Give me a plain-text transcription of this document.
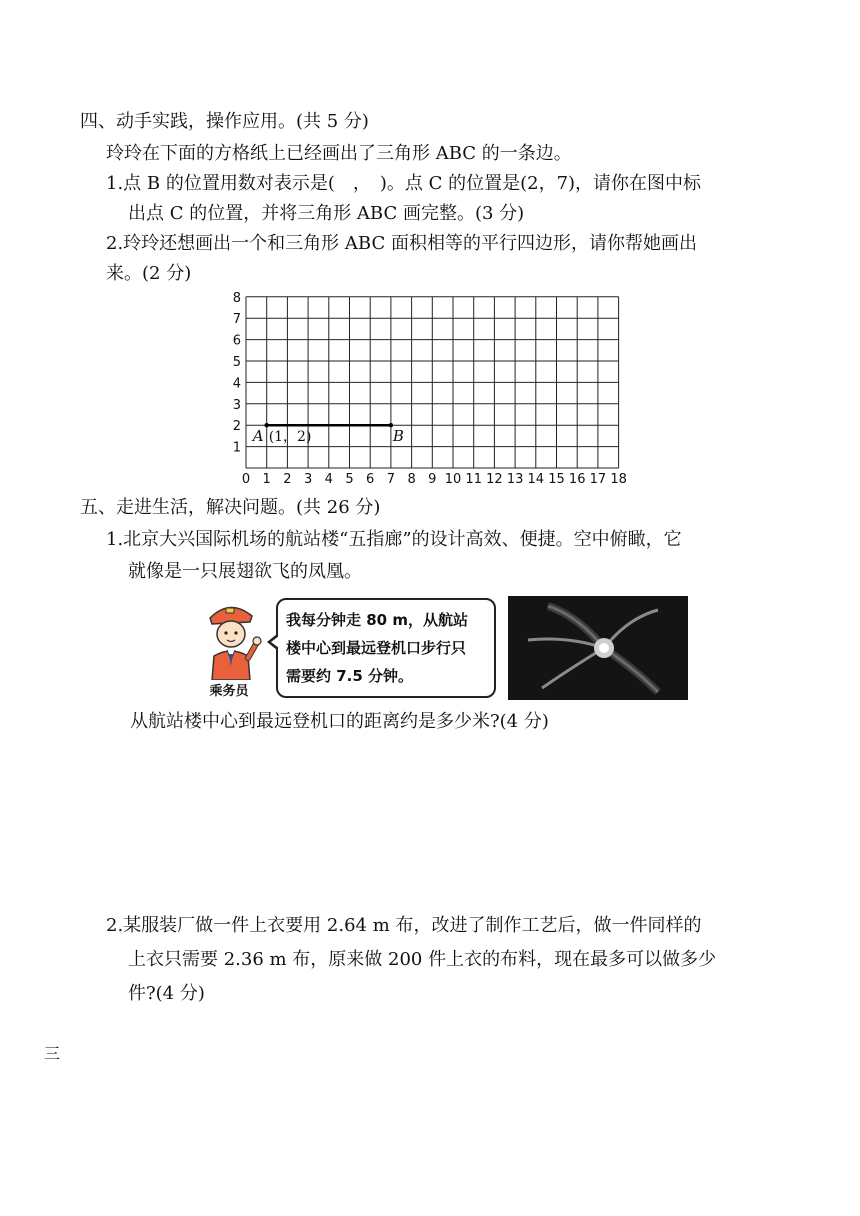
四、动手实践，操作应用。(共 5 分)
玲玲在下面的方格纸上已经画出了三角形 ABC 的一条边。
1.点 B 的位置用数对表示是(　，　)。点 C 的位置是(2，7)，请你在图中标
出点 C 的位置，并将三角形 ABC 画完整。(3 分)
2.玲玲还想画出一个和三角形 ABC 面积相等的平行四边形，请你帮她画出
来。(2 分)
0 1 2 3 4 5 6 7 8 9 10 11 12 13 14 15 16 17 18
1
2
3
4
5
6
7
8
A (1，2)	B
五、走进生活，解决问题。(共 26 分)
1.北京大兴国际机场的航站楼“五指廊”的设计高效、便捷。空中俯瞰，它
就像是一只展翅欲飞的凤凰。
乘务员
我每分钟走 80 m，从航站
楼中心到最远登机口步行只
需要约 7.5 分钟。
从航站楼中心到最远登机口的距离约是多少米?(4 分)
2.某服装厂做一件上衣要用 2.64 m 布，改进了制作工艺后，做一件同样的
上衣只需要 2.36 m 布，原来做 200 件上衣的布料，现在最多可以做多少
件?(4 分)
三
